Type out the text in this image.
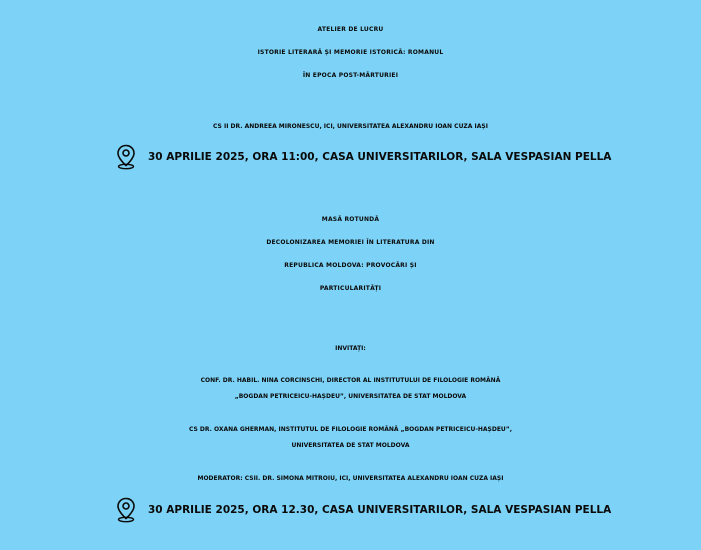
ATELIER DE LUCRU
ISTORIE LITERARĂ ȘI MEMORIE ISTORICĂ: ROMANUL
ÎN EPOCA POST-MĂRTURIEI
CS II DR. ANDREEA MIRONESCU, ICI, UNIVERSITATEA ALEXANDRU IOAN CUZA IAȘI
30 APRILIE 2025, ORA 11:00, CASA UNIVERSITARILOR, SALA VESPASIAN PELLA
MASĂ ROTUNDĂ
DECOLONIZAREA MEMORIEI ÎN LITERATURA DIN
REPUBLICA MOLDOVA: PROVOCĂRI ȘI
PARTICULARITĂȚI
INVITAȚI:
CONF. DR. HABIL. NINA CORCINSCHI, DIRECTOR AL INSTITUTULUI DE FILOLOGIE ROMÂNĂ
„BOGDAN PETRICEICU-HAȘDEU”, UNIVERSITATEA DE STAT MOLDOVA
CS DR. OXANA GHERMAN, INSTITUTUL DE FILOLOGIE ROMÂNĂ „BOGDAN PETRICEICU-HAȘDEU”,
UNIVERSITATEA DE STAT MOLDOVA
MODERATOR: CSII. DR. SIMONA MITROIU, ICI, UNIVERSITATEA ALEXANDRU IOAN CUZA IAȘI
30 APRILIE 2025, ORA 12.30, CASA UNIVERSITARILOR, SALA VESPASIAN PELLA
